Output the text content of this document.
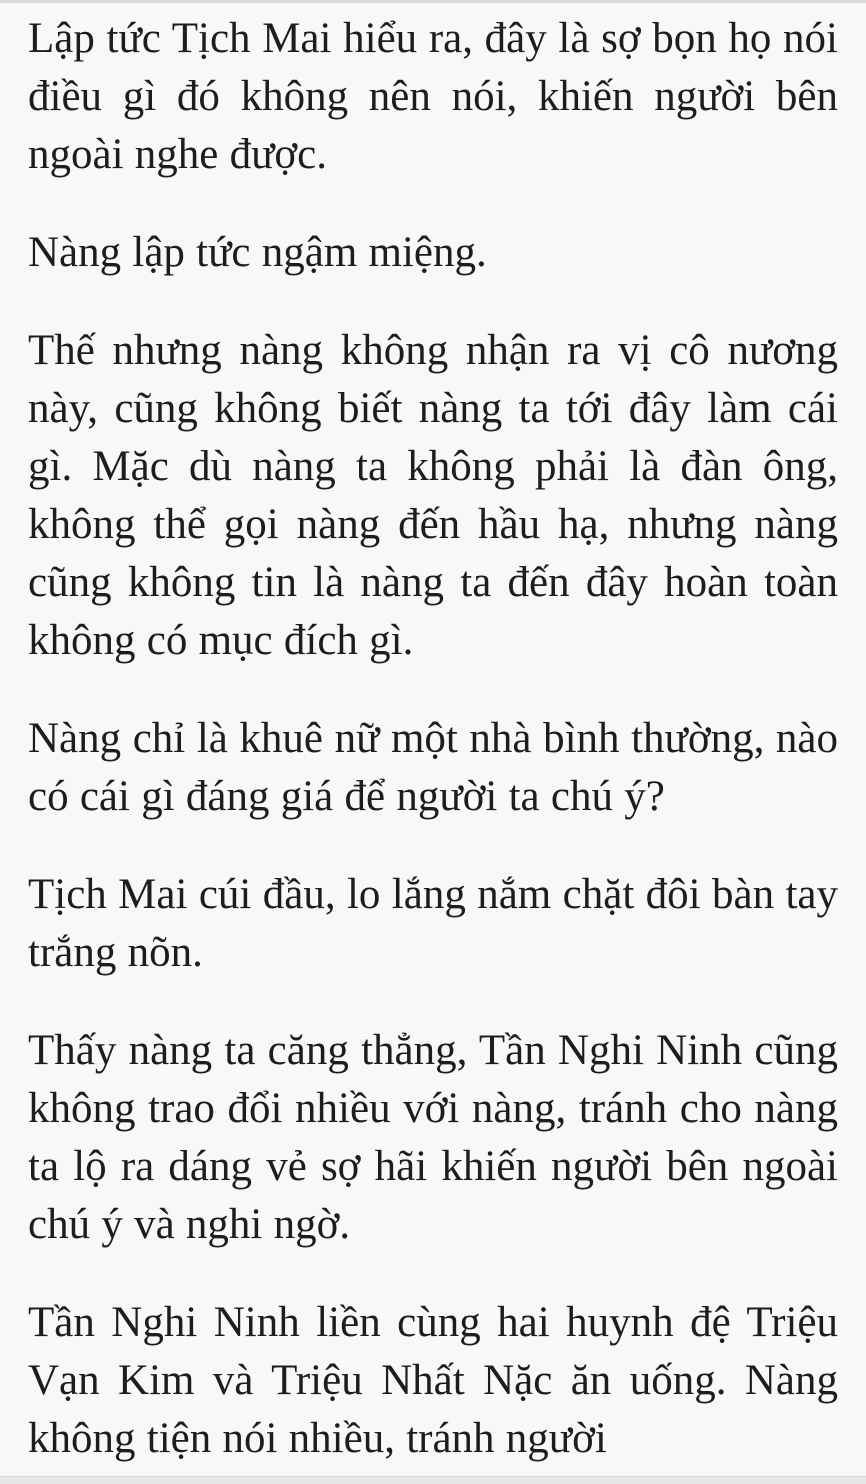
Lập tức Tịch Mai hiểu ra, đây là sợ bọn họ nói điều gì đó không nên nói, khiến người bên ngoài nghe được.

Nàng lập tức ngậm miệng.

Thế nhưng nàng không nhận ra vị cô nương này, cũng không biết nàng ta tới đây làm cái gì. Mặc dù nàng ta không phải là đàn ông, không thể gọi nàng đến hầu hạ, nhưng nàng cũng không tin là nàng ta đến đây hoàn toàn không có mục đích gì.

Nàng chỉ là khuê nữ một nhà bình thường, nào có cái gì đáng giá để người ta chú ý?

Tịch Mai cúi đầu, lo lắng nắm chặt đôi bàn tay trắng nõn.

Thấy nàng ta căng thẳng, Tần Nghi Ninh cũng không trao đổi nhiều với nàng, tránh cho nàng ta lộ ra dáng vẻ sợ hãi khiến người bên ngoài chú ý và nghi ngờ.

Tần Nghi Ninh liền cùng hai huynh đệ Triệu Vạn Kim và Triệu Nhất Nặc ăn uống. Nàng không tiện nói nhiều, tránh người
